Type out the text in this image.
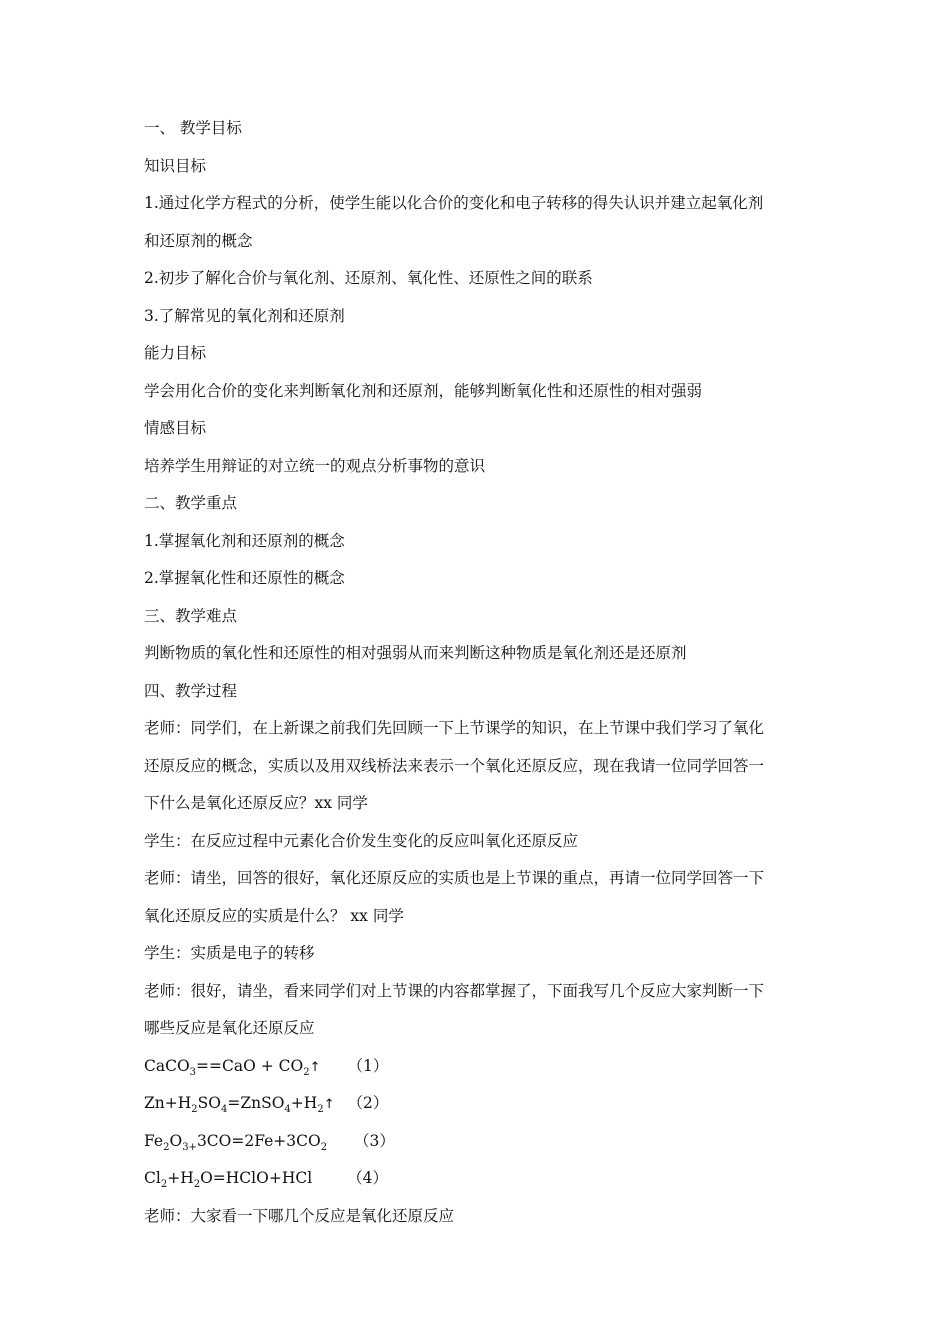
一、 教学目标
知识目标
1.通过化学方程式的分析，使学生能以化合价的变化和电子转移的得失认识并建立起氧化剂
和还原剂的概念
2.初步了解化合价与氧化剂、还原剂、氧化性、还原性之间的联系
3.了解常见的氧化剂和还原剂
能力目标
学会用化合价的变化来判断氧化剂和还原剂，能够判断氧化性和还原性的相对强弱
情感目标
培养学生用辩证的对立统一的观点分析事物的意识
二、教学重点
1.掌握氧化剂和还原剂的概念
2.掌握氧化性和还原性的概念
三、教学难点
判断物质的氧化性和还原性的相对强弱从而来判断这种物质是氧化剂还是还原剂
四、教学过程
老师：同学们，在上新课之前我们先回顾一下上节课学的知识，在上节课中我们学习了氧化
还原反应的概念，实质以及用双线桥法来表示一个氧化还原反应，现在我请一位同学回答一
下什么是氧化还原反应？xx 同学
学生：在反应过程中元素化合价发生变化的反应叫氧化还原反应
老师：请坐，回答的很好，氧化还原反应的实质也是上节课的重点，再请一位同学回答一下
氧化还原反应的实质是什么？ xx 同学
学生：实质是电子的转移
老师：很好，请坐，看来同学们对上节课的内容都掌握了，下面我写几个反应大家判断一下
哪些反应是氧化还原反应
CaCO$_3$==CaO + $CO_2↑$ （1）
$Zn+H_2SO_4=ZnSO_4+H_2↑$ （2）
$Fe_2O_{3+}3CO=2Fe+3CO_2$ （3）
$Cl_2+H_2O=HClO+HCl$ （4）
老师：大家看一下哪几个反应是氧化还原反应
